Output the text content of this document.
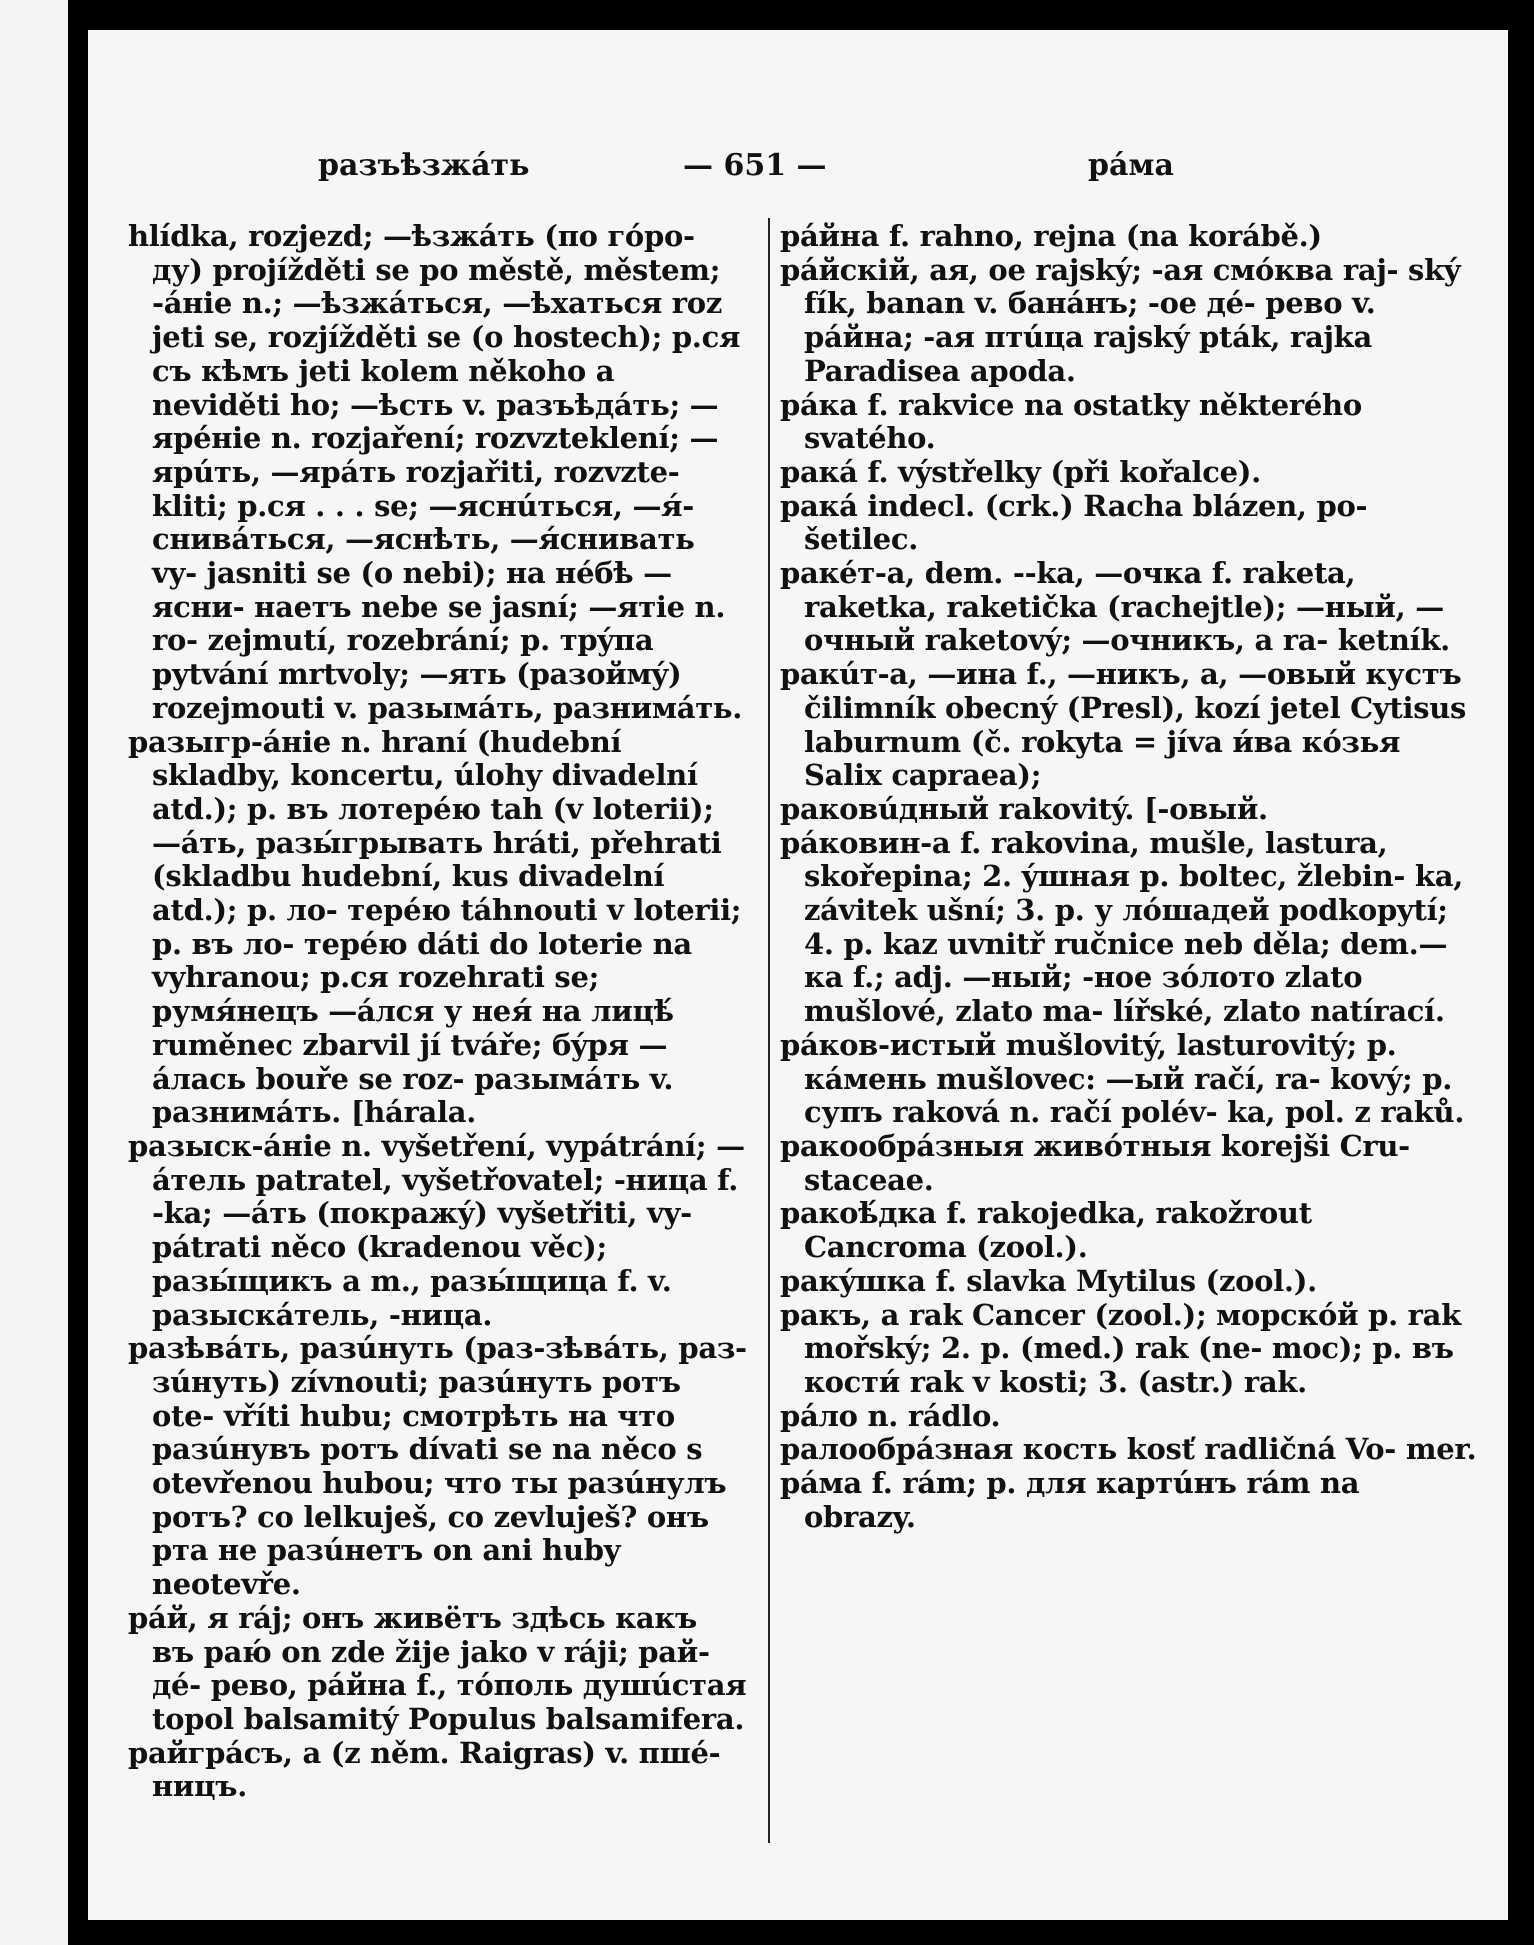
разъѣзжáть	— 651 —	рáма

hlídka, rozjezd; —ѣзжáть (по гóро- ду) projížděti se po městě, městem; -áнie n.; —ѣзжáться, —ѣхаться roz jeti se, rozjížděti se (o hostech); р.ся съ кѣмъ jeti kolem někoho a neviděti ho; —ѣсть v. разъѣдáть; —ярéнie n. rozjaření; rozvzteklení; —ярúть, —ярáть rozjařiti, rozvzte- kliti; р.ся . . . se; —яснúться, —я́- снивáться, —яснѣть, —я́снивать vy- jasniti se (o nebi); на нéбѣ —ясни- наетъ nebe se jasní; —ятie n. ro- zejmutí, rozebrání; р. трýпа pytvání mrtvoly; —ять (разоймý) rozejmouti v. разымáть, разнимáть.

разыгр-áнie n. hraní (hudební skladby, koncertu, úlohy divadelní atd.); р. въ лотерéю tah (v loterii); —áть, разы́грывать hráti, přehrati (skladbu hudební, kus divadelní atd.); р. ло- терéю táhnouti v loterii; р. въ ло- терéю dáti do loterie na vyhranou; р.ся rozehrati se; румя́нецъ —áлся у нея́ на лицѣ́ ruměnec zbarvil jí tváře; бýря —áлась bouře se roz- разымáть v. разнимáть. [hárala.

разыск-áнie n. vyšetření, vypátrání; —áтель patratel, vyšetřovatel; -ница f. -ka; —áть (покражý) vyšetřiti, vy- pátrati něco (kradenou věc); разы́щикъ a m., разы́щица f. v. разыскáтель, -ница.

разѣвáть, разúнуть (раз-зѣвáть, раз- зúнуть) zívnouti; разúнуть ротъ ote- vříti hubu; смотрѣть на что разúнувъ ротъ dívati se na něco s otevřenou hubou; что ты разúнулъ ротъ? co lelkuješ, co zevluješ? онъ рта не разúнетъ on ani huby neotevře.

рáй, я ráj; онъ живётъ здѣсь какъ въ раю́ on zde žije jako v ráji; рай-дé- рево, ра́йна f., тóполь душúстая topol balsamitý Populus balsamifera.

райгрáсъ, а (z něm. Raigras) v. пшé- ницъ.

рáйна f. rahno, rejna (na korábě.)

рáйскiй, ая, ое rajský; -ая смóква raj- ský fík, banan v. банáнъ; -ое дé- рево v. рáйна; -ая птúца rajský pták, rajka Paradisea apoda.

рáка f. rakvice na ostatky některého svatého.

ракá f. výstřelky (při kořalce).

ракá indecl. (crk.) Racha blázen, po- šetilec.

ракéт-а, dem. --ka, —очка f. raketa, raketka, raketička (rachejtle); —ный, —очный raketový; —очникъ, a ra- ketník.

ракúт-а, —ина f., —никъ, а, —овый кустъ čilimník obecný (Presl), kozí jetel Cytisus laburnum (č. rokyta = jíva и́ва кóзья Salix capraea);

раковúдный rakovitý. [-овый.

рáковин-а f. rakovina, mušle, lastura, skořepina; 2. ýшная р. boltec, žlebin- ka, závitek ušní; 3. р. у лóшадей podkopytí; 4. р. kaz uvnitř ručnice neb děla; dem.—ка f.; adj. —ный; -ное зóлото zlato mušlové, zlato ma- lířské, zlato natírací.

рáков-истый mušlovitý, lasturovitý; р. кáмень mušlovec: —ый račí, ra- kový; р. супъ raková n. račí polév- ka, pol. z raků.

ракообрáзныя живóтныя korejši Cru- staceae.

ракоѣ́дка f. rakojedka, rakožrout Cancroma (zool.).

ракýшка f. slavka Mytilus (zool.).

ракъ, а rak Cancer (zool.); морскóй р. rak mořský; 2. р. (med.) rak (ne- moc); р. въ кости́ rak v kosti; 3. (astr.) rak.

рáло n. rádlo.

ралообрáзная кость kosť radličná Vo- mer.

рáма f. rám; р. для картúнъ rám na obrazy.
